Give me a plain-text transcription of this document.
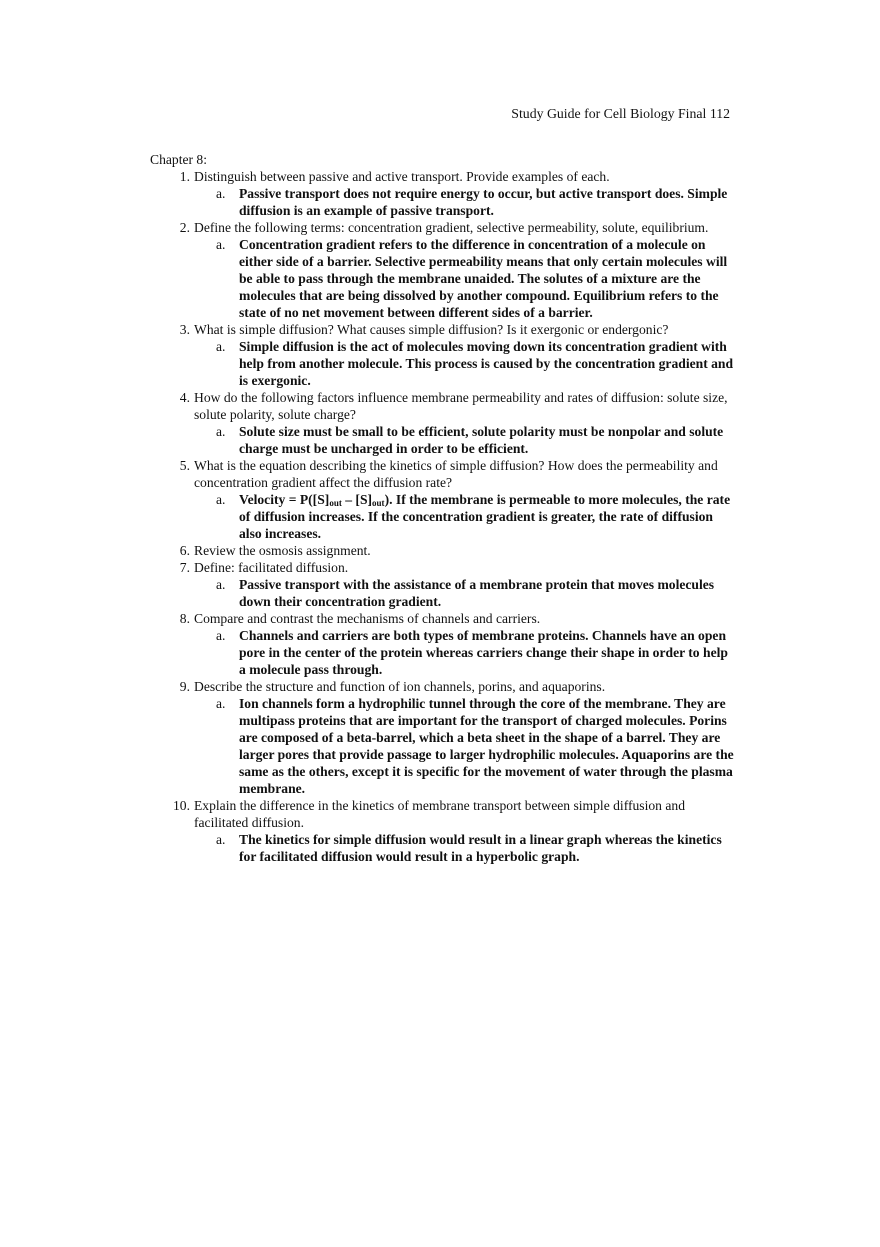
Study Guide for Cell Biology Final 112
Chapter 8:
1. Distinguish between passive and active transport. Provide examples of each.
a. Passive transport does not require energy to occur, but active transport does. Simple diffusion is an example of passive transport.
2. Define the following terms: concentration gradient, selective permeability, solute, equilibrium.
a. Concentration gradient refers to the difference in concentration of a molecule on either side of a barrier. Selective permeability means that only certain molecules will be able to pass through the membrane unaided. The solutes of a mixture are the molecules that are being dissolved by another compound. Equilibrium refers to the state of no net movement between different sides of a barrier.
3. What is simple diffusion? What causes simple diffusion? Is it exergonic or endergonic?
a. Simple diffusion is the act of molecules moving down its concentration gradient with help from another molecule. This process is caused by the concentration gradient and is exergonic.
4. How do the following factors influence membrane permeability and rates of diffusion: solute size, solute polarity, solute charge?
a. Solute size must be small to be efficient, solute polarity must be nonpolar and solute charge must be uncharged in order to be efficient.
5. What is the equation describing the kinetics of simple diffusion? How does the permeability and concentration gradient affect the diffusion rate?
a. Velocity = $P([S]_{out} - [S]_{out})$. If the membrane is permeable to more molecules, the rate of diffusion increases. If the concentration gradient is greater, the rate of diffusion also increases.
6. Review the osmosis assignment.
7. Define: facilitated diffusion.
a. Passive transport with the assistance of a membrane protein that moves molecules down their concentration gradient.
8. Compare and contrast the mechanisms of channels and carriers.
a. Channels and carriers are both types of membrane proteins. Channels have an open pore in the center of the protein whereas carriers change their shape in order to help a molecule pass through.
9. Describe the structure and function of ion channels, porins, and aquaporins.
a. Ion channels form a hydrophilic tunnel through the core of the membrane. They are multipass proteins that are important for the transport of charged molecules. Porins are composed of a beta-barrel, which a beta sheet in the shape of a barrel. They are larger pores that provide passage to larger hydrophilic molecules. Aquaporins are the same as the others, except it is specific for the movement of water through the plasma membrane.
10. Explain the difference in the kinetics of membrane transport between simple diffusion and facilitated diffusion.
a. The kinetics for simple diffusion would result in a linear graph whereas the kinetics for facilitated diffusion would result in a hyperbolic graph.
